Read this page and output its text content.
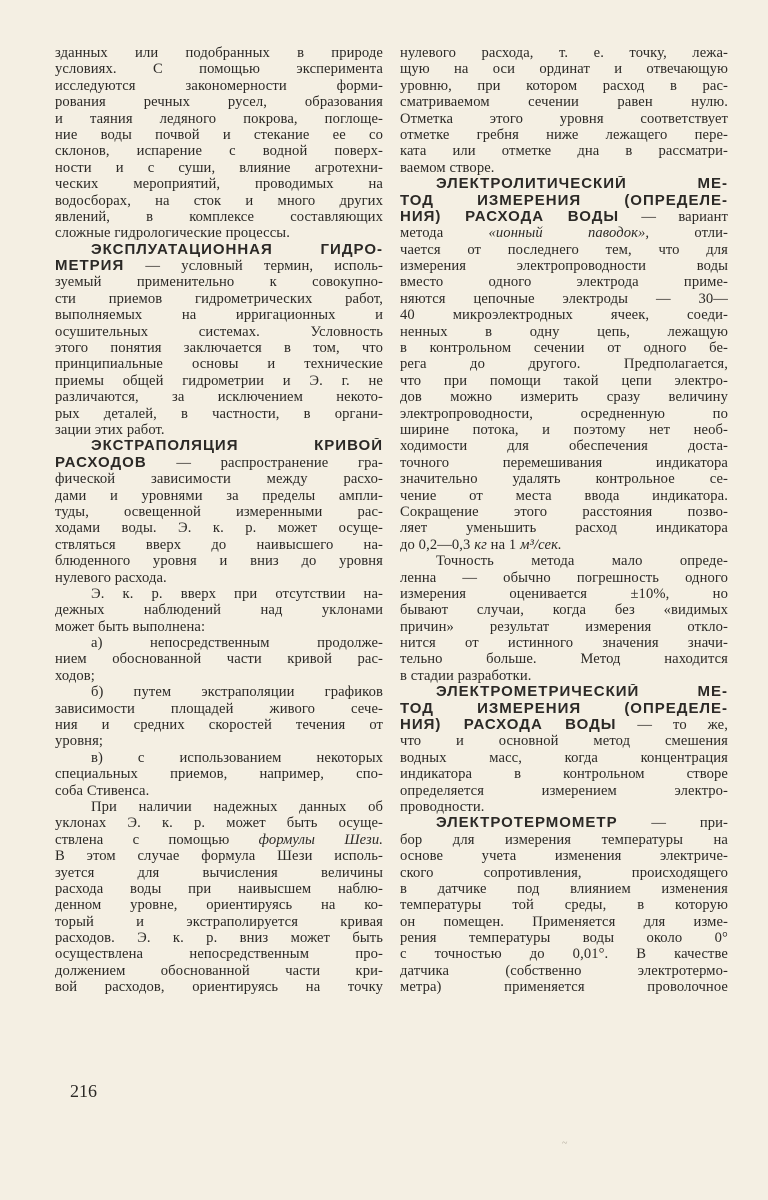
зданных или подобранных в природе
условиях. С помощью эксперимента
исследуются закономерности форми-
рования речных русел, образования
и таяния ледяного покрова, поглоще-
ние воды почвой и стекание ее со
склонов, испарение с водной поверх-
ности и с суши, влияние агротехни-
ческих мероприятий, проводимых на
водосборах, на сток и много других
явлений, в комплексе составляющих
сложные гидрологические процессы.
ЭКСПЛУАТАЦИОННАЯ ГИДРО-
МЕТРИЯ — условный термин, исполь-
зуемый применительно к совокупно-
сти приемов гидрометрических работ,
выполняемых на ирригационных и
осушительных системах. Условность
этого понятия заключается в том, что
принципиальные основы и технические
приемы общей гидрометрии и Э. г. не
различаются, за исключением некото-
рых деталей, в частности, в органи-
зации этих работ.
ЭКСТРАПОЛЯЦИЯ КРИВОЙ
РАСХОДОВ — распространение гра-
фической зависимости между расхо-
дами и уровнями за пределы ампли-
туды, освещенной измеренными рас-
ходами воды. Э. к. р. может осуще-
ствляться вверх до наивысшего на-
блюденного уровня и вниз до уровня
нулевого расхода.
Э. к. р. вверх при отсутствии на-
дежных наблюдений над уклонами
может быть выполнена:
а) непосредственным продолже-
нием обоснованной части кривой рас-
ходов;
б) путем экстраполяции графиков
зависимости площадей живого сече-
ния и средних скоростей течения от
уровня;
в) с использованием некоторых
специальных приемов, например, спо-
соба Стивенса.
При наличии надежных данных об
уклонах Э. к. р. может быть осуще-
ствлена с помощью формулы Шези.
В этом случае формула Шези исполь-
зуется для вычисления величины
расхода воды при наивысшем наблю-
денном уровне, ориентируясь на ко-
торый и экстраполируется кривая
расходов. Э. к. р. вниз может быть
осуществлена непосредственным про-
должением обоснованной части кри-
вой расходов, ориентируясь на точку
нулевого расхода, т. е. точку, лежа-
щую на оси ординат и отвечающую
уровню, при котором расход в рас-
сматриваемом сечении равен нулю.
Отметка этого уровня соответствует
отметке гребня ниже лежащего пере-
ката или отметке дна в рассматри-
ваемом створе.
ЭЛЕКТРОЛИТИЧЕСКИЙ МЕ-
ТОД ИЗМЕРЕНИЯ (ОПРЕДЕЛЕ-
НИЯ) РАСХОДА ВОДЫ — вариант
метода «ионный паводок», отли-
чается от последнего тем, что для
измерения электропроводности воды
вместо одного электрода приме-
няются цепочные электроды — 30—
40 микроэлектродных ячеек, соеди-
ненных в одну цепь, лежащую
в контрольном сечении от одного бе-
рега до другого. Предполагается,
что при помощи такой цепи электро-
дов можно измерить сразу величину
электропроводности, осредненную по
ширине потока, и поэтому нет необ-
ходимости для обеспечения доста-
точного перемешивания индикатора
значительно удалять контрольное се-
чение от места ввода индикатора.
Сокращение этого расстояния позво-
ляет уменьшить расход индикатора
до 0,2—0,3 кг на 1 м³/сек.
Точность метода мало опреде-
ленна — обычно погрешность одного
измерения оценивается ±10%, но
бывают случаи, когда без «видимых
причин» результат измерения откло-
нится от истинного значения значи-
тельно больше. Метод находится
в стадии разработки.
ЭЛЕКТРОМЕТРИЧЕСКИЙ МЕ-
ТОД ИЗМЕРЕНИЯ (ОПРЕДЕЛЕ-
НИЯ) РАСХОДА ВОДЫ — то же,
что и основной метод смешения
водных масс, когда концентрация
индикатора в контрольном створе
определяется измерением электро-
проводности.
ЭЛЕКТРОТЕРМОМЕТР — при-
бор для измерения температуры на
основе учета изменения электриче-
ского сопротивления, происходящего
в датчике под влиянием изменения
температуры той среды, в которую
он помещен. Применяется для изме-
рения температуры воды около 0°
с точностью до 0,01°. В качестве
датчика (собственно электротермо-
метра) применяется проволочное
216
~
